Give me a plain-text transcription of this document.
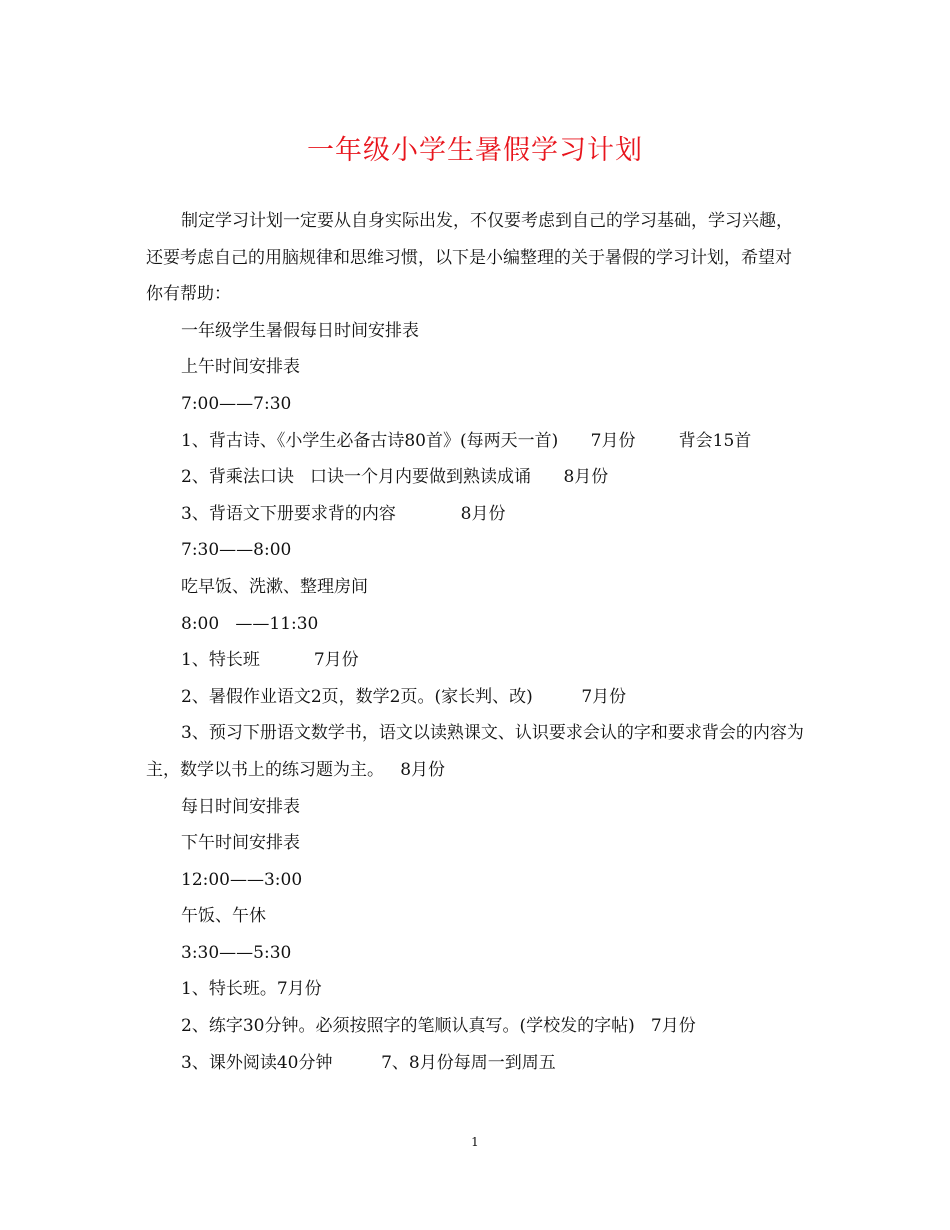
一年级小学生暑假学习计划

制定学习计划一定要从自身实际出发，不仅要考虑到自己的学习基础，学习兴趣，还要考虑自己的用脑规律和思维习惯，以下是小编整理的关于暑假的学习计划，希望对你有帮助：

一年级学生暑假每日时间安排表

上午时间安排表

7:00——7:30

1、背古诗、《小学生必备古诗80首》(每两天一首)      7月份        背会15首

2、背乘法口诀   口诀一个月内要做到熟读成诵      8月份

3、背语文下册要求背的内容            8月份

7:30——8:00

吃早饭、洗漱、整理房间

8:00   ——11:30

1、特长班          7月份

2、暑假作业语文2页，数学2页。(家长判、改)         7月份

3、预习下册语文数学书，语文以读熟课文、认识要求会认的字和要求背会的内容为主，数学以书上的练习题为主。   8月份

每日时间安排表

下午时间安排表

12:00——3:00

午饭、午休

3:30——5:30

1、特长班。7月份

2、练字30分钟。必须按照字的笔顺认真写。(学校发的字帖)   7月份

3、课外阅读40分钟         7、8月份每周一到周五

1
